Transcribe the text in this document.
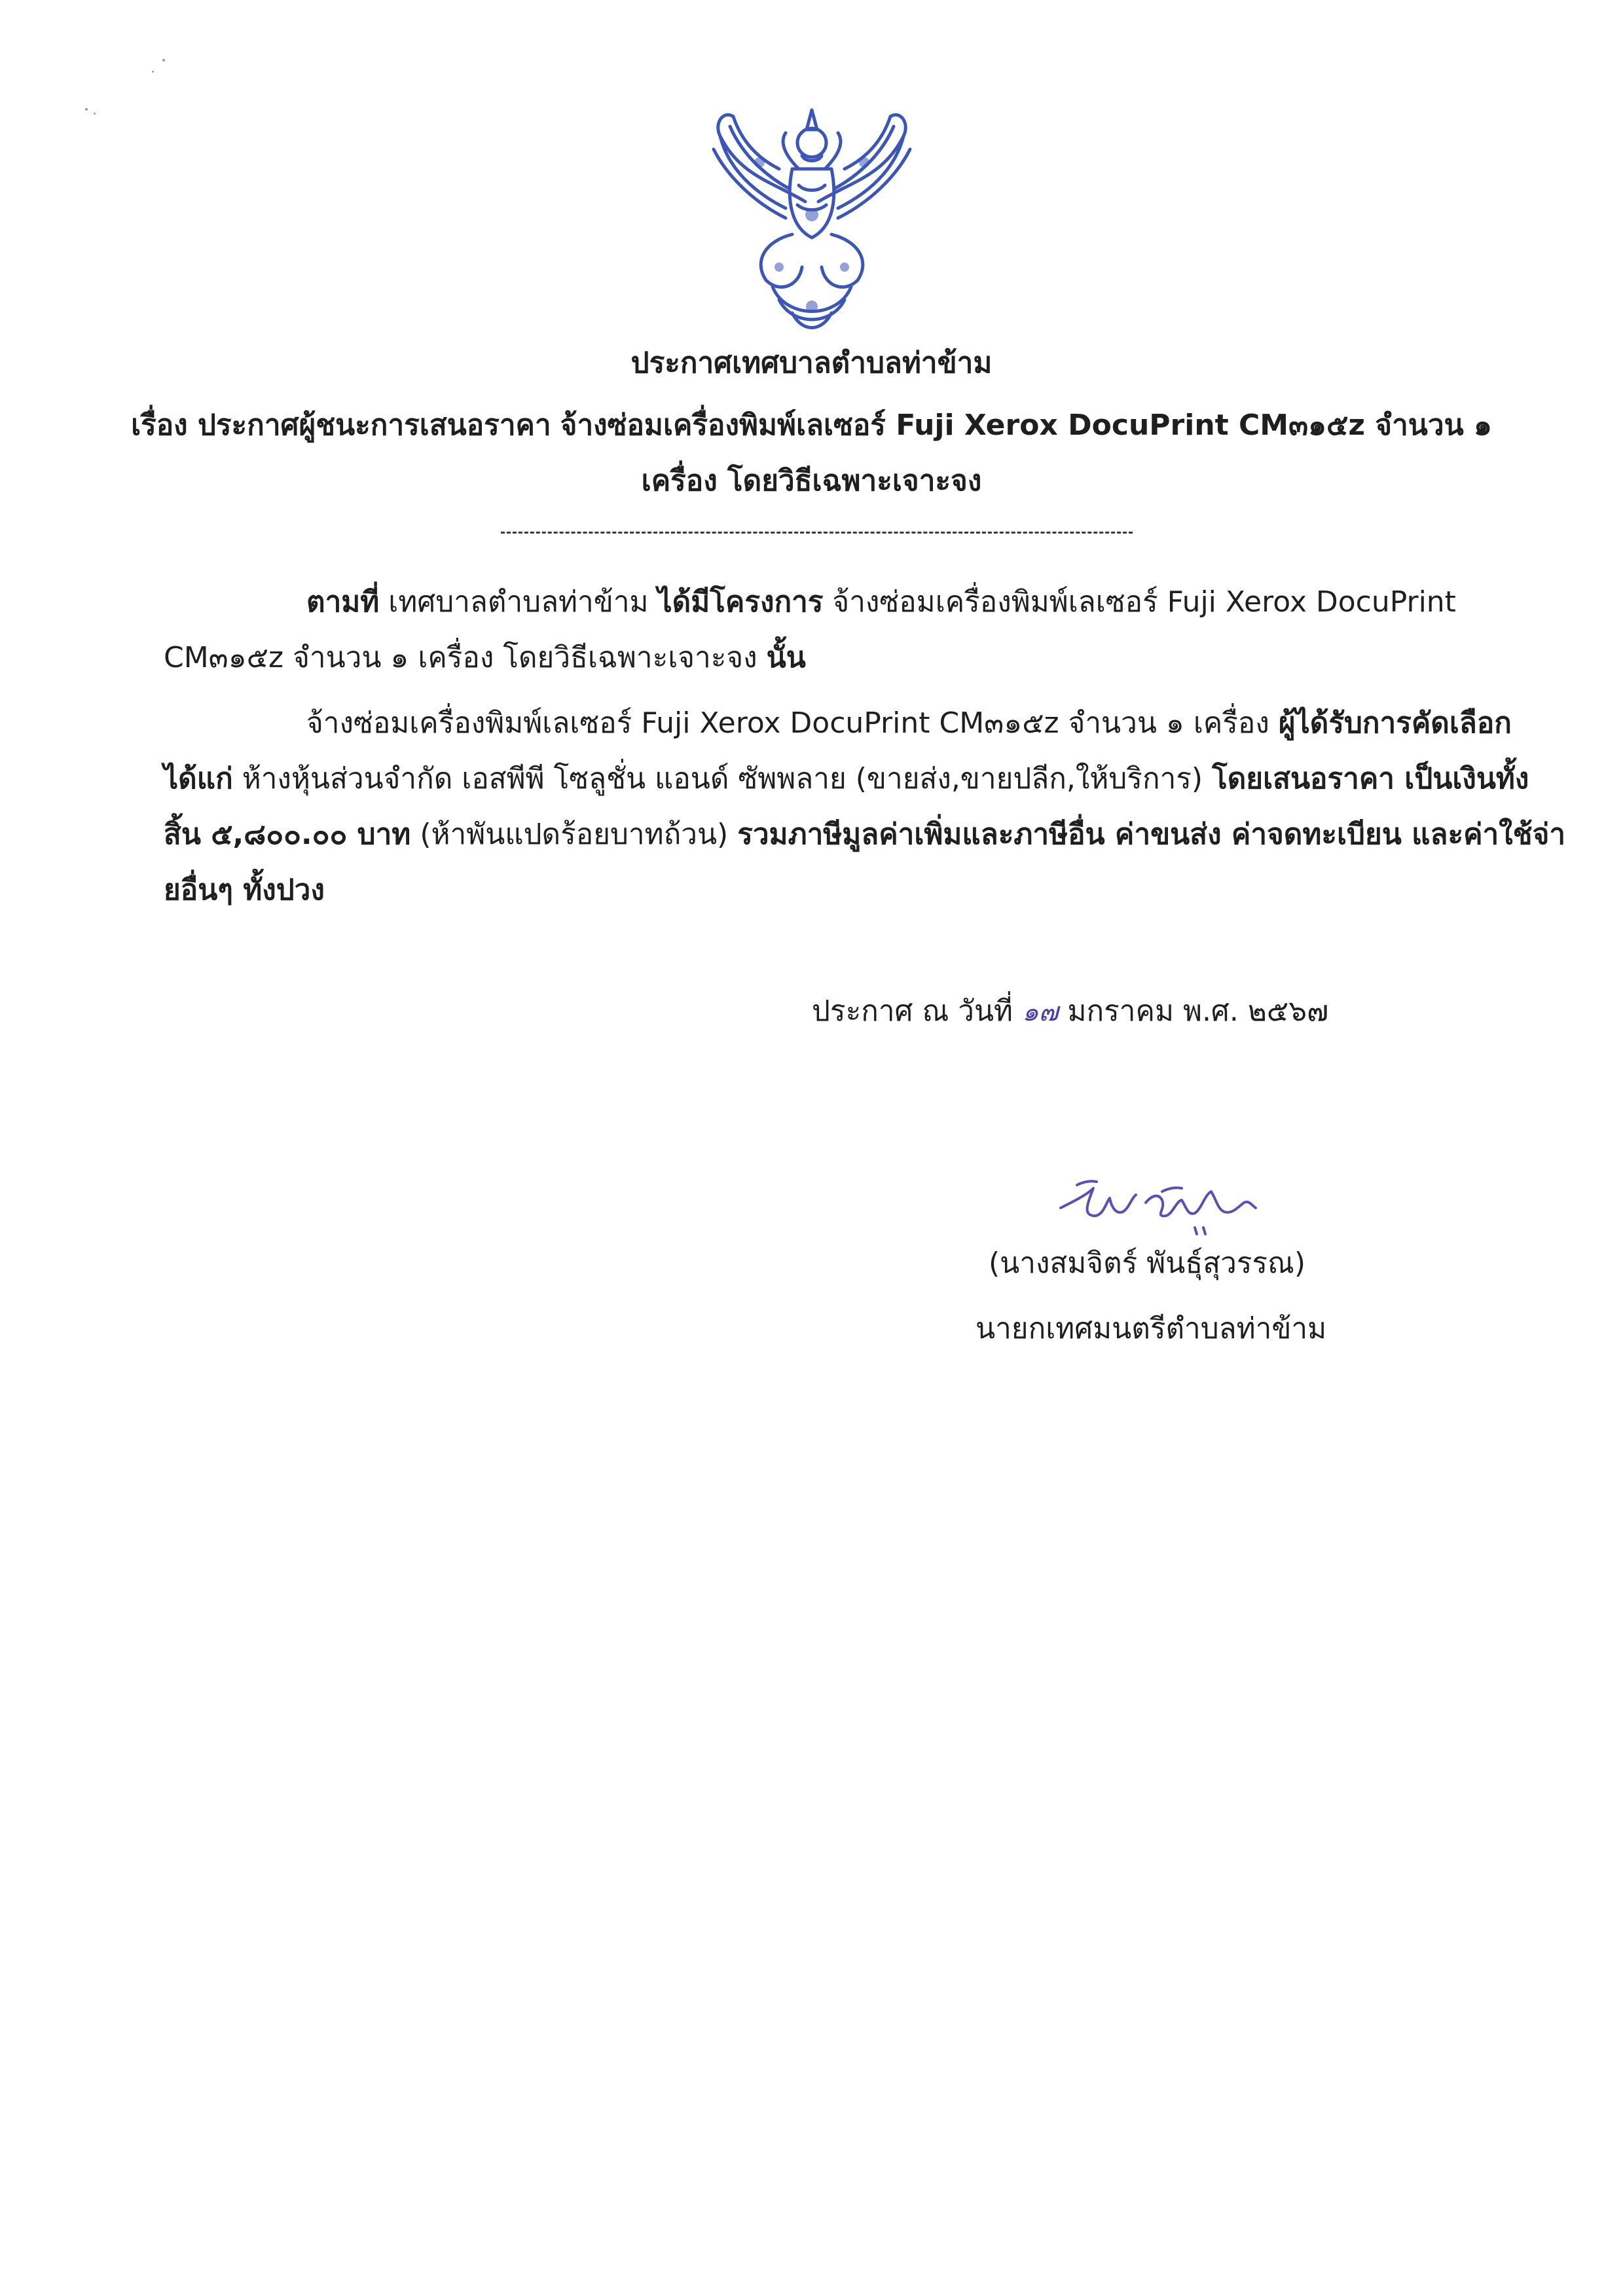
ประกาศเทศบาลตำบลท่าข้าม
เรื่อง ประกาศผู้ชนะการเสนอราคา จ้างซ่อมเครื่องพิมพ์เลเซอร์ Fuji Xerox DocuPrint CM๓๑๕z จำนวน ๑
เครื่อง โดยวิธีเฉพาะเจาะจง
ตามที่ เทศบาลตำบลท่าข้าม ได้มีโครงการ จ้างซ่อมเครื่องพิมพ์เลเซอร์ Fuji Xerox DocuPrint
CM๓๑๕z จำนวน ๑ เครื่อง โดยวิธีเฉพาะเจาะจง นั้น
จ้างซ่อมเครื่องพิมพ์เลเซอร์ Fuji Xerox DocuPrint CM๓๑๕z จำนวน ๑ เครื่อง ผู้ได้รับการคัดเลือก
ได้แก่ ห้างหุ้นส่วนจำกัด เอสพีพี โซลูชั่น แอนด์ ซัพพลาย (ขายส่ง,ขายปลีก,ให้บริการ) โดยเสนอราคา เป็นเงินทั้ง
สิ้น ๕,๘๐๐.๐๐ บาท (ห้าพันแปดร้อยบาทถ้วน) รวมภาษีมูลค่าเพิ่มและภาษีอื่น ค่าขนส่ง ค่าจดทะเบียน และค่าใช้จ่า
ยอื่นๆ ทั้งปวง
ประกาศ ณ วันที่ ๑๗ มกราคม พ.ศ. ๒๕๖๗
(นางสมจิตร์ พันธุ์สุวรรณ)
นายกเทศมนตรีตำบลท่าข้าม
